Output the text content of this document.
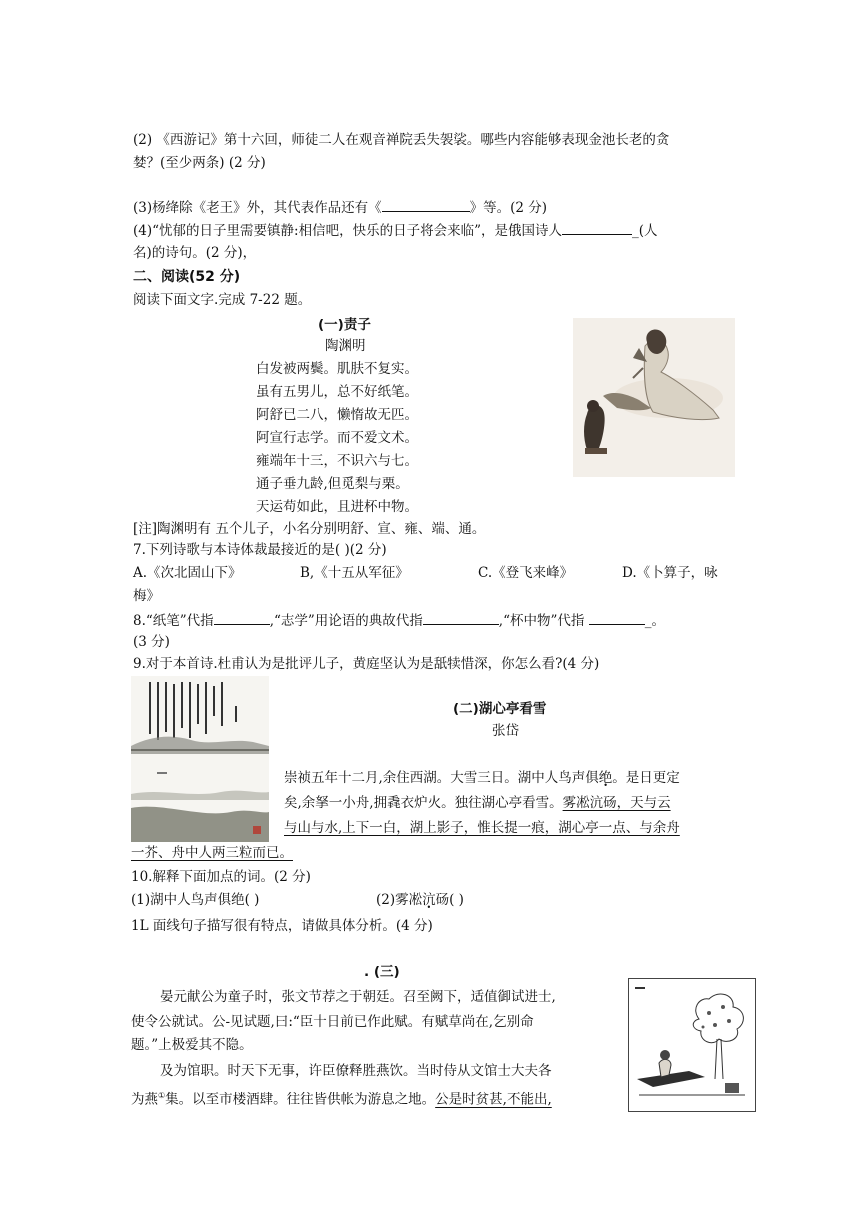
(2) 《西游记》第十六回，师徒二人在观音禅院丢失袈裟。哪些内容能够表现金池长老的贪
婪？(至少两条) (2 分)
(3)杨绛除《老王》外，其代表作品还有《	》等。(2 分)
(4)“忧郁的日子里需要镇静:相信吧，快乐的日子将会来临”，是俄国诗人	_(人
名)的诗句。(2 分)，
二、阅读(52 分)
阅读下面文字.完成 7-22 题。
(一)责子
陶渊明
白发被两鬓。肌肤不复实。
虽有五男儿，总不好纸笔。
阿舒已二八，懒惰故无匹。
阿宣行志学。而不爱文术。
雍端年十三，不识六与七。
通子垂九龄,但觅梨与栗。
天运苟如此，且进杯中物。
[注]陶渊明有 五个儿子，小名分别明舒、宣、雍、端、通。
7.下列诗歌与本诗体裁最接近的是( )(2 分)
A.《次北固山下》	B,《十五从军征》	C.《登飞来峰》	D.《卜算子，咏
梅》
8.“纸笔”代指	,“志学”用论语的典故代指	,“杯中物”代指	_。
(3 分)
9.对于本首诗.杜甫认为是批评儿子，黄庭坚认为是舐犊惜深，你怎么看?(4 分)
(二)湖心亭看雪
张岱
崇祯五年十二月,余住西湖。大雪三日。湖中人鸟声俱绝。是日更定
矣,余拏一小舟,拥毳衣炉火。独往湖心亭看雪。雾凇沆砀，天与云
与山与水,上下一白，湖上影子，惟长提一痕，湖心亭一点、与余舟
一芥、舟中人两三粒而已。
10.解释下面加点的词。(2 分)
(1)湖中人鸟声俱绝( )	(2)雾凇沆砀( )
1L 面线句子描写很有特点，请做具体分析。(4 分)
. (三)
晏元献公为童子时，张文节荐之于朝廷。召至阙下，适值御试进士,
使令公就试。公-见试题,曰:“臣十日前已作此赋。有赋草尚在,乞别命
题。”上极爱其不隐。
及为馆职。时天下无事，许臣僚释胜燕饮。当时侍从文馆士大夫各
为燕①集。以至市楼酒肆。往往皆供帐为游息之地。公是时贫甚,不能出,
